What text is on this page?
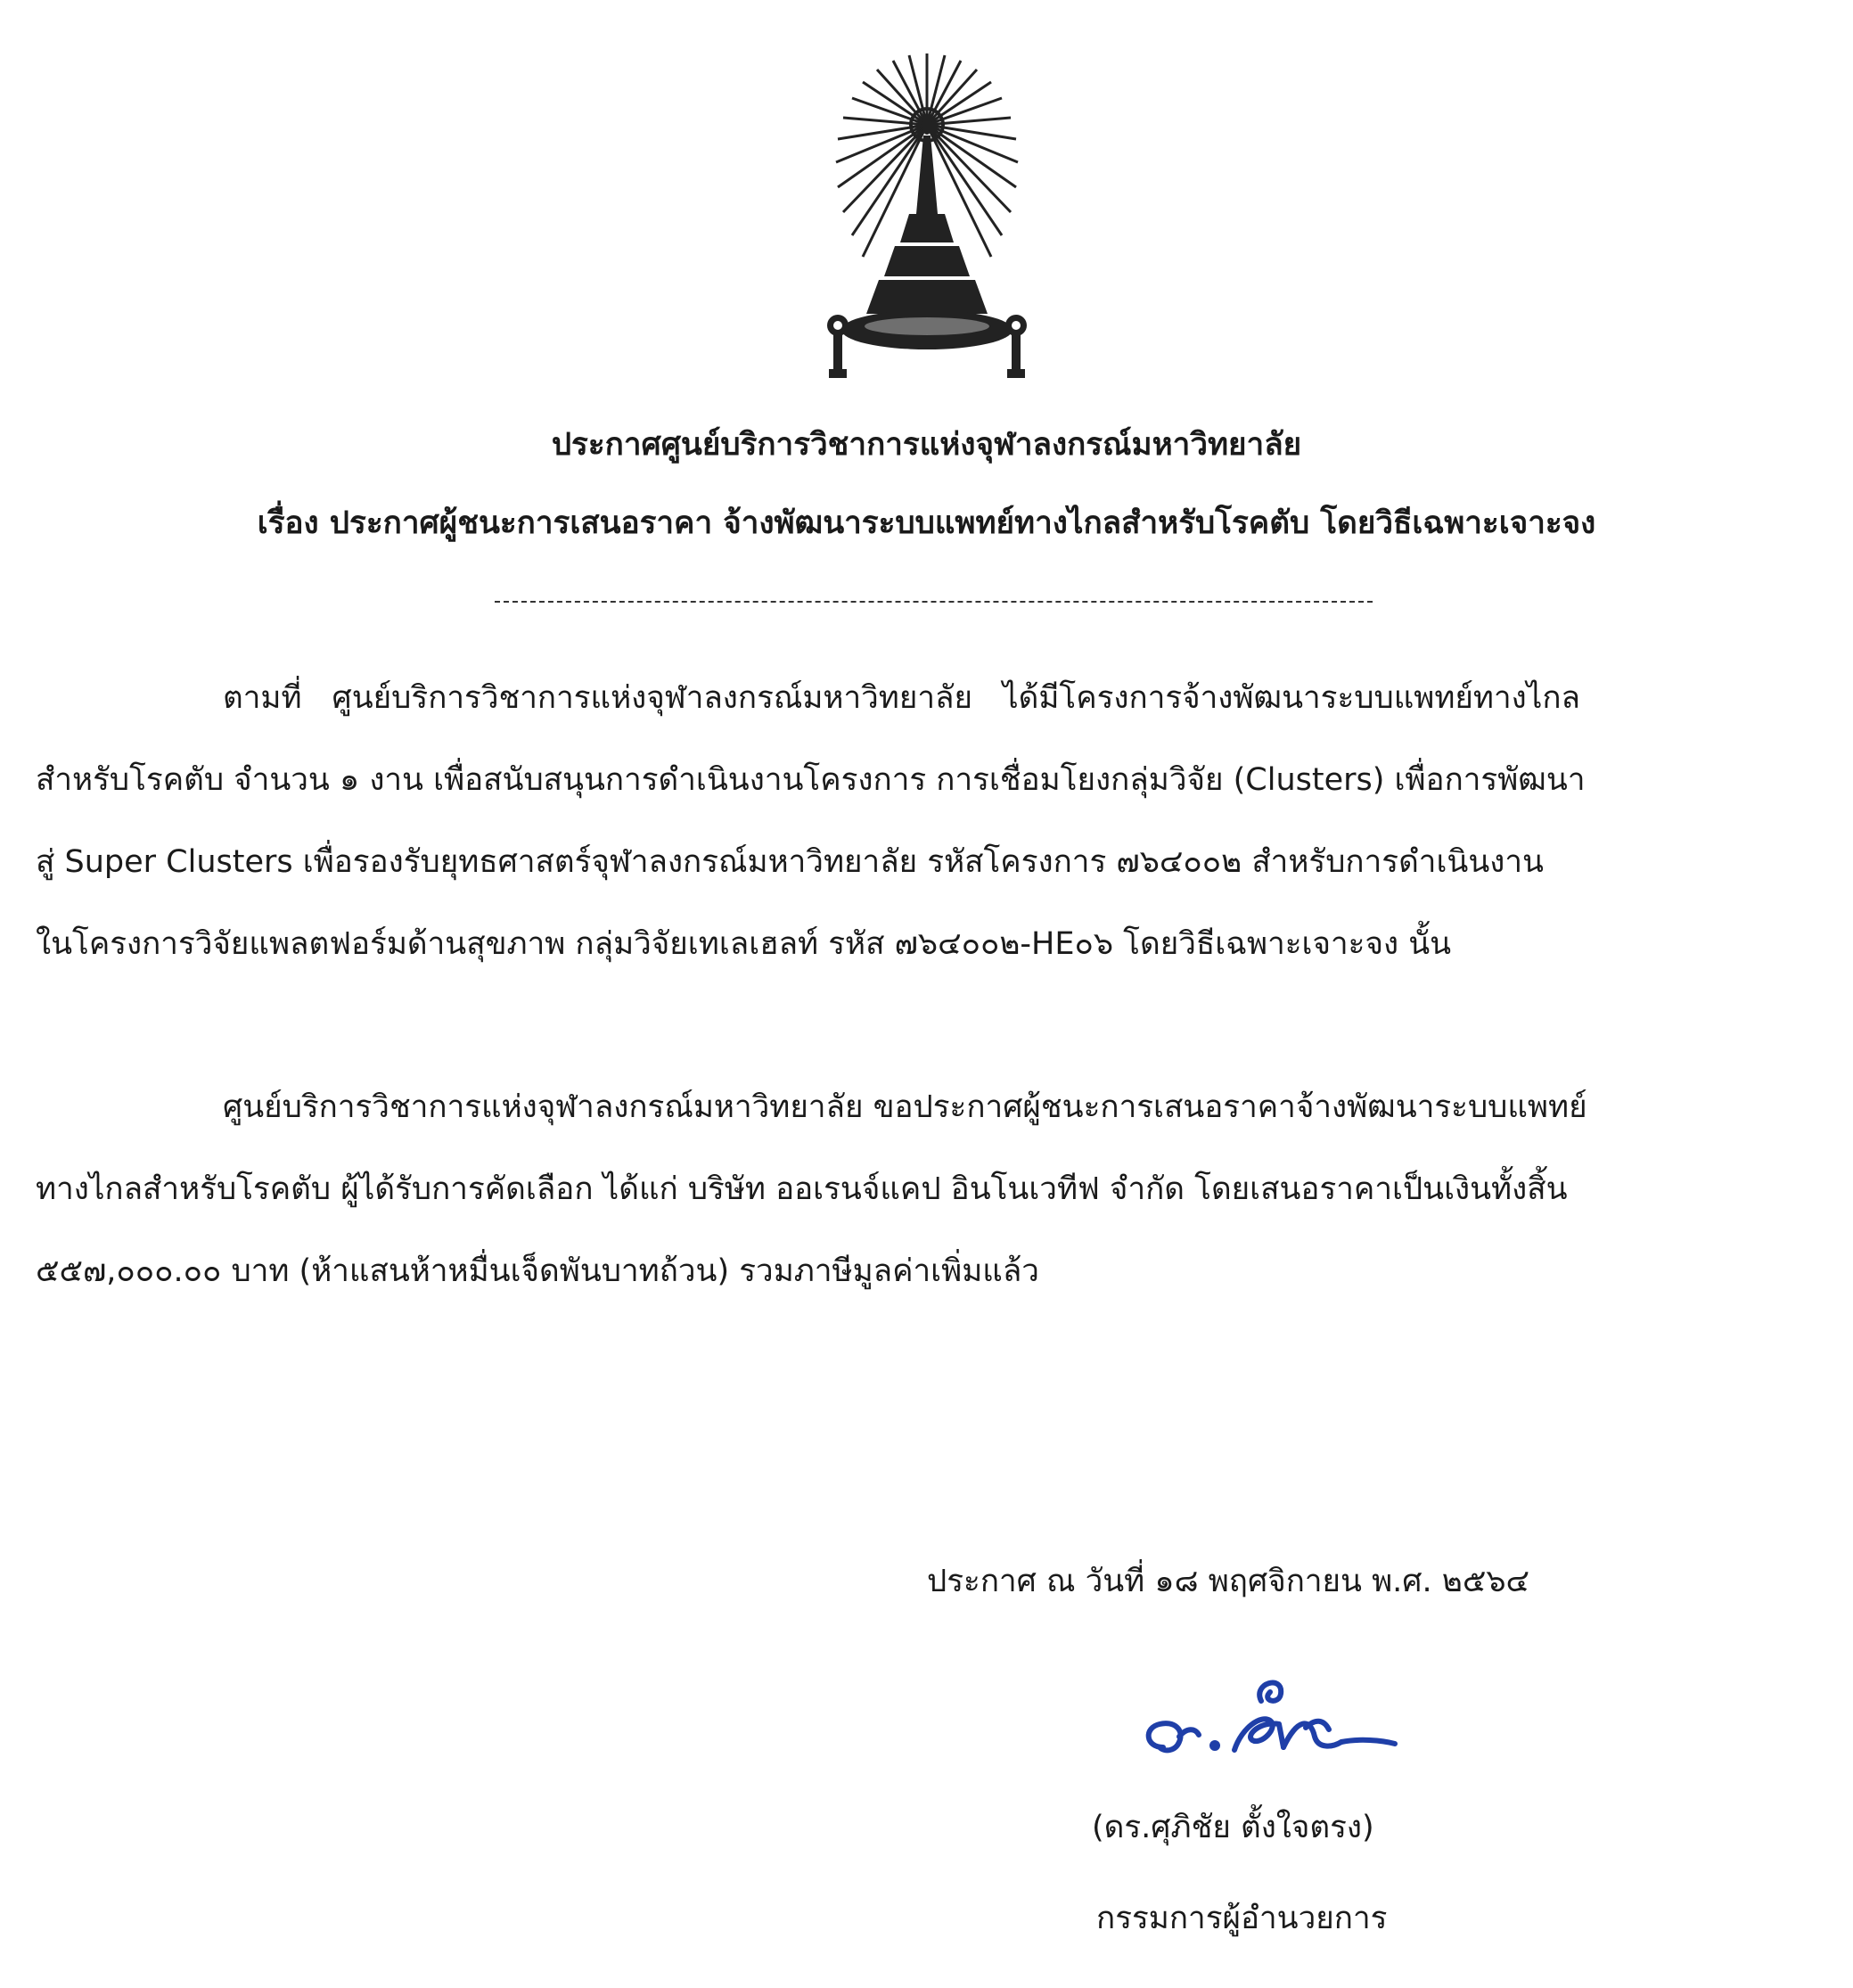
ประกาศศูนย์บริการวิชาการแห่งจุฬาลงกรณ์มหาวิทยาลัย
เรื่อง ประกาศผู้ชนะการเสนอราคา จ้างพัฒนาระบบแพทย์ทางไกลสำหรับโรคตับ โดยวิธีเฉพาะเจาะจง
ตามที่ ศูนย์บริการวิชาการแห่งจุฬาลงกรณ์มหาวิทยาลัย ได้มีโครงการจ้างพัฒนาระบบแพทย์ทางไกล
สำหรับโรคตับ จำนวน ๑ งาน เพื่อสนับสนุนการดำเนินงานโครงการ การเชื่อมโยงกลุ่มวิจัย (Clusters) เพื่อการพัฒนา
สู่ Super Clusters เพื่อรองรับยุทธศาสตร์จุฬาลงกรณ์มหาวิทยาลัย รหัสโครงการ ๗๖๔๐๐๒ สำหรับการดำเนินงาน
ในโครงการวิจัยแพลตฟอร์มด้านสุขภาพ กลุ่มวิจัยเทเลเฮลท์ รหัส ๗๖๔๐๐๒-HE๐๖ โดยวิธีเฉพาะเจาะจง นั้น
ศูนย์บริการวิชาการแห่งจุฬาลงกรณ์มหาวิทยาลัย ขอประกาศผู้ชนะการเสนอราคาจ้างพัฒนาระบบแพทย์
ทางไกลสำหรับโรคตับ ผู้ได้รับการคัดเลือก ได้แก่ บริษัท ออเรนจ์แคป อินโนเวทีฟ จำกัด โดยเสนอราคาเป็นเงินทั้งสิ้น
๕๕๗,๐๐๐.๐๐ บาท (ห้าแสนห้าหมื่นเจ็ดพันบาทถ้วน) รวมภาษีมูลค่าเพิ่มแล้ว
ประกาศ ณ วันที่ ๑๘ พฤศจิกายน พ.ศ. ๒๕๖๔
(ดร.ศุภิชัย ตั้งใจตรง)
กรรมการผู้อำนวยการ
